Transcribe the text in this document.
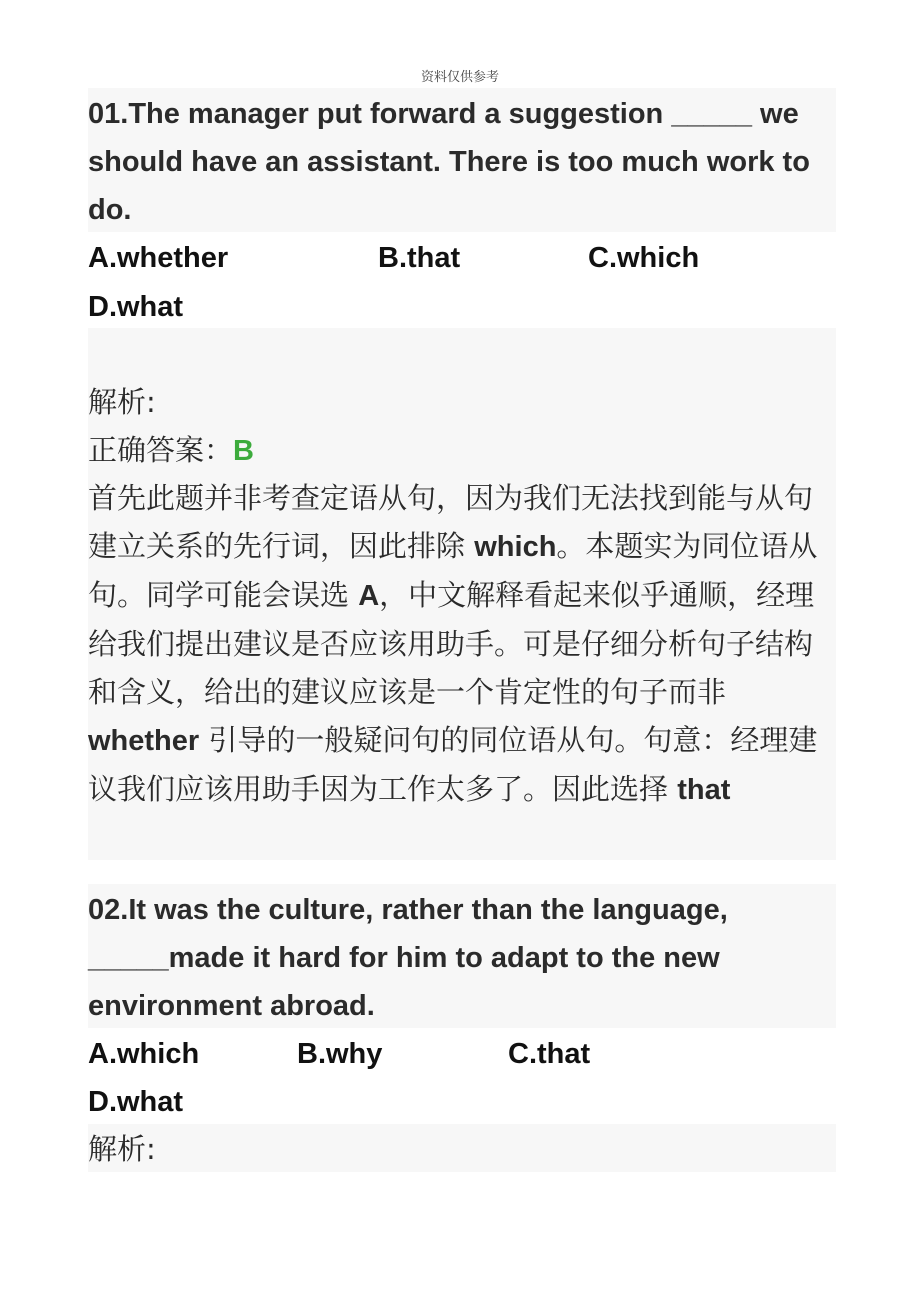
资料仅供参考
01.The manager put forward a suggestion _____ we should have an assistant. There is too much work to do.
A.whether	B.that	C.which
D.what
解析:
正确答案：B
首先此题并非考查定语从句，因为我们无法找到能与从句建立关系的先行词，因此排除 which。本题实为同位语从句。同学可能会误选 A，中文解释看起来似乎通顺，经理给我们提出建议是否应该用助手。可是仔细分析句子结构和含义，给出的建议应该是一个肯定性的句子而非 whether 引导的一般疑问句的同位语从句。句意：经理建议我们应该用助手因为工作太多了。因此选择 that
02.It was the culture, rather than the language, _____made it hard for him to adapt to the new environment abroad.
A.which	B.why	C.that
D.what
解析:
